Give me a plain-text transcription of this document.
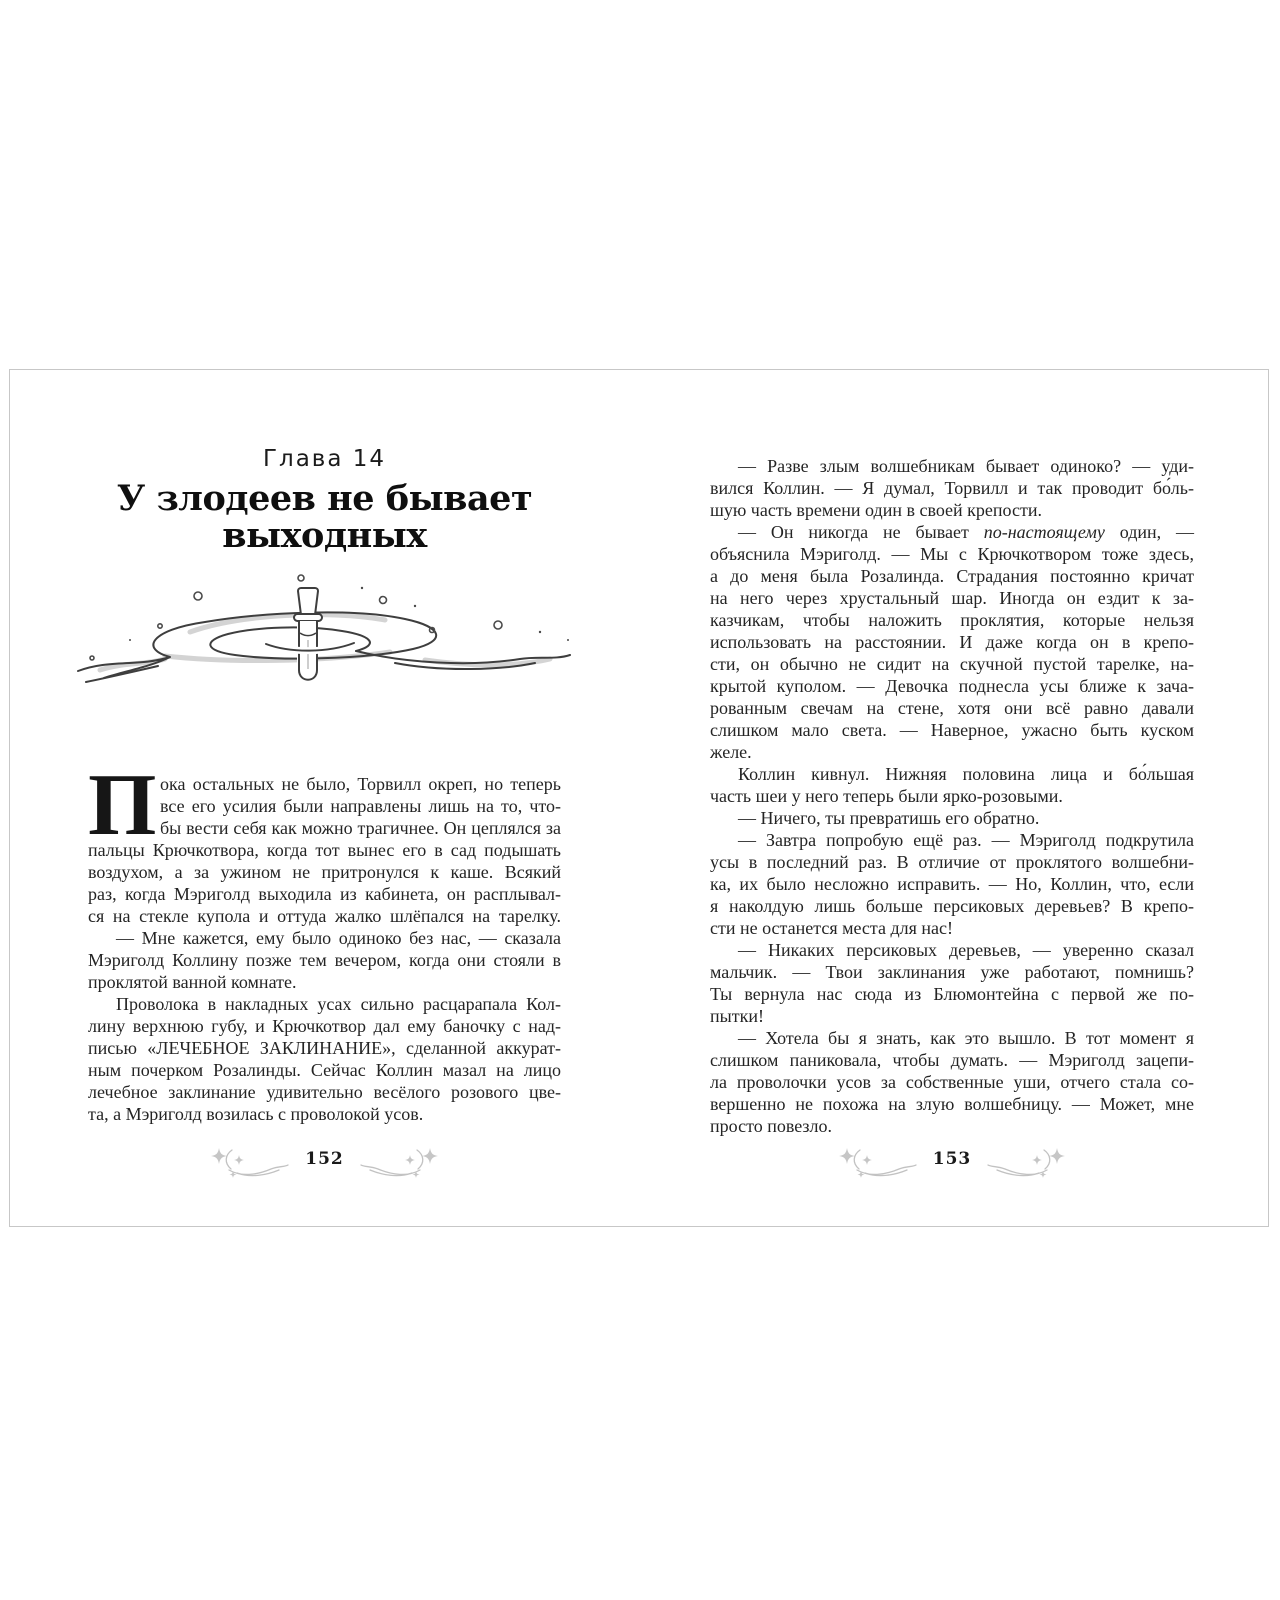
Глава 14
У злодеев не бывает
выходных
П ока остальных не было, Торвилл окреп, но теперь
все его усилия были направлены лишь на то, что-
бы вести себя как можно трагичнее. Он цеплялся за
пальцы Крючкотвора, когда тот вынес его в сад подышать
воздухом, а за ужином не притронулся к каше. Всякий
раз, когда Мэриголд выходила из кабинета, он расплывал-
ся на стекле купола и оттуда жалко шлёпался на тарелку.
— Мне кажется, ему было одиноко без нас, — сказала
Мэриголд Коллину позже тем вечером, когда они стояли в
проклятой ванной комнате.
Проволока в накладных усах сильно расцарапала Кол-
лину верхнюю губу, и Крючкотвор дал ему баночку с над-
писью «ЛЕЧЕБНОЕ ЗАКЛИНАНИЕ», сделанной аккурат-
ным почерком Розалинды. Сейчас Коллин мазал на лицо
лечебное заклинание удивительно весёлого розового цве-
та, а Мэриголд возилась с проволокой усов.
— Разве злым волшебникам бывает одиноко? — уди-
вился Коллин. — Я думал, Торвилл и так проводит бо́ль-
шую часть времени один в своей крепости.
— Он никогда не бывает по-настоящему один, —
объяснила Мэриголд. — Мы с Крючкотвором тоже здесь,
а до меня была Розалинда. Страдания постоянно кричат
на него через хрустальный шар. Иногда он ездит к за-
казчикам, чтобы наложить проклятия, которые нельзя
использовать на расстоянии. И даже когда он в крепо-
сти, он обычно не сидит на скучной пустой тарелке, на-
крытой куполом. — Девочка поднесла усы ближе к зача-
рованным свечам на стене, хотя они всё равно давали
слишком мало света. — Наверное, ужасно быть куском
желе.
Коллин кивнул. Нижняя половина лица и бо́льшая
часть шеи у него теперь были ярко-розовыми.
— Ничего, ты превратишь его обратно.
— Завтра попробую ещё раз. — Мэриголд подкрутила
усы в последний раз. В отличие от проклятого волшебни-
ка, их было несложно исправить. — Но, Коллин, что, если
я наколдую лишь больше персиковых деревьев? В крепо-
сти не останется места для нас!
— Никаких персиковых деревьев, — уверенно сказал
мальчик. — Твои заклинания уже работают, помнишь?
Ты вернула нас сюда из Блюмонтейна с первой же по-
пытки!
— Хотела бы я знать, как это вышло. В тот момент я
слишком паниковала, чтобы думать. — Мэриголд зацепи-
ла проволочки усов за собственные уши, отчего стала со-
вершенно не похожа на злую волшебницу. — Может, мне
просто повезло.
152	153
